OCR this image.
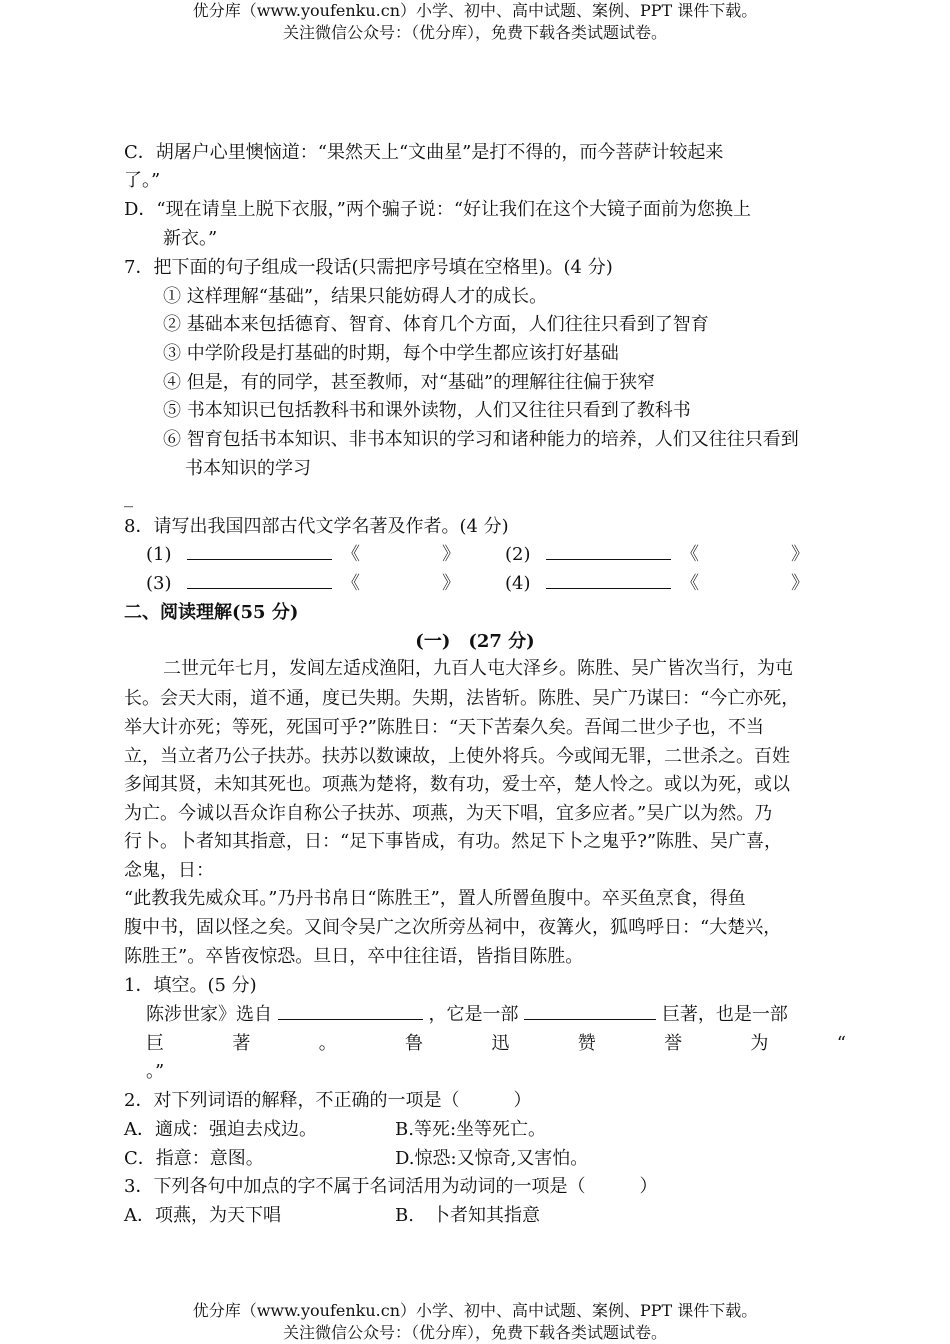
优分库（www.youfenku.cn）小学、初中、高中试题、案例、PPT 课件下载。
关注微信公众号：（优分库），免费下载各类试题试卷。
C．胡屠户心里懊恼道：“果然天上“文曲星”是打不得的，而今菩萨计较起来
了。”
D．“现在请皇上脱下衣服，”两个骗子说：“好让我们在这个大镜子面前为您换上
新衣。”
7．把下面的句子组成一段话(只需把序号填在空格里)。(4 分)
① 这样理解“基础”，结果只能妨碍人才的成长。
② 基础本来包括德育、智育、体育几个方面，人们往往只看到了智育
③ 中学阶段是打基础的时期，每个中学生都应该打好基础
④ 但是，有的同学，甚至教师，对“基础”的理解往往偏于狭窄
⑤ 书本知识已包括教科书和课外读物，人们又往往只看到了教科书
⑥ 智育包括书本知识、非书本知识的学习和诸种能力的培养，人们又往往只看到
书本知识的学习
_
8．请写出我国四部古代文学名著及作者。(4 分)
(1)	《	》	(2)	《	》
(3)	《	》	(4)	《	》
二、阅读理解(55 分)
(一)　(27 分)
二世元年七月，发闾左适戍渔阳，九百人屯大泽乡。陈胜、吴广皆次当行，为屯
长。会天大雨，道不通，度已失期。失期，法皆斩。陈胜、吴广乃谋曰：“今亡亦死，
举大计亦死；等死，死国可乎?”陈胜日：“天下苦秦久矣。吾闻二世少子也，不当
立，当立者乃公子扶苏。扶苏以数谏故，上使外将兵。今或闻无罪，二世杀之。百姓
多闻其贤，未知其死也。项燕为楚将，数有功，爱士卒，楚人怜之。或以为死，或以
为亡。今诚以吾众诈自称公子扶苏、项燕，为天下唱，宜多应者。”吴广以为然。乃
行卜。卜者知其指意，日：“足下事皆成，有功。然足下卜之鬼乎?”陈胜、吴广喜，
念鬼，日：
“此教我先威众耳。”乃丹书帛日“陈胜王”，置人所罾鱼腹中。卒买鱼烹食，得鱼
腹中书，固以怪之矣。又间令吴广之次所旁丛祠中，夜篝火，狐鸣呼日：“大楚兴，
陈胜王”。卒皆夜惊恐。旦日，卒中往往语，皆指目陈胜。
1．填空。(5 分)
陈涉世家》选自	，它是一部	巨著，也是一部
巨	著	。	鲁	迅	赞	誉	为	“
。”
2．对下列词语的解释，不正确的一项是（　　　）
A．適成：强迫去戍边。	B.等死:坐等死亡。
C．指意：意图。	D.惊恐:又惊奇,又害怕。
3．下列各句中加点的字不属于名词活用为动词的一项是（　　　）
A．项燕，为天下唱	B.　卜者知其指意
优分库（www.youfenku.cn）小学、初中、高中试题、案例、PPT 课件下载。
关注微信公众号：（优分库），免费下载各类试题试卷。
